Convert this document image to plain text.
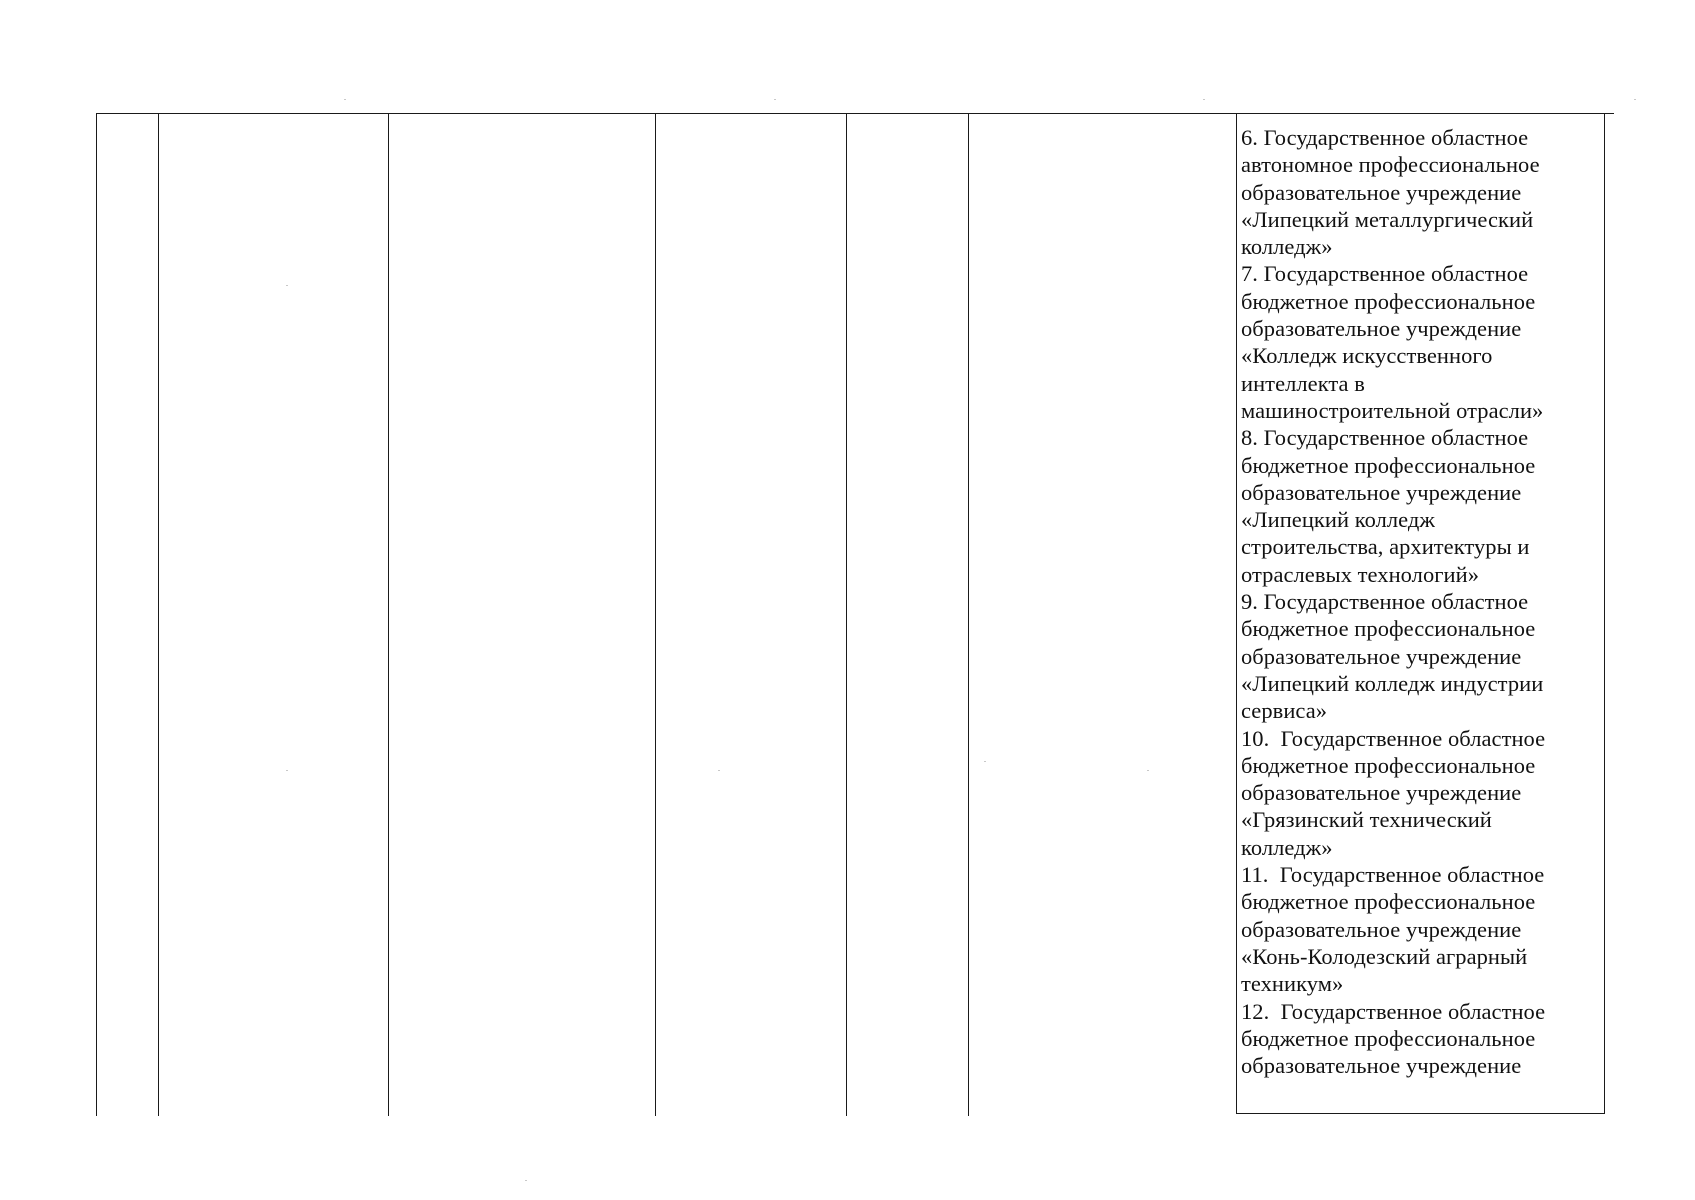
6. Государственное областное
автономное профессиональное
образовательное учреждение
«Липецкий металлургический
колледж»
7. Государственное областное
бюджетное профессиональное
образовательное учреждение
«Колледж искусственного
интеллекта в
машиностроительной отрасли»
8. Государственное областное
бюджетное профессиональное
образовательное учреждение
«Липецкий колледж
строительства, архитектуры и
отраслевых технологий»
9. Государственное областное
бюджетное профессиональное
образовательное учреждение
«Липецкий колледж индустрии
сервиса»
10.  Государственное областное
бюджетное профессиональное
образовательное учреждение
«Грязинский технический
колледж»
11.  Государственное областное
бюджетное профессиональное
образовательное учреждение
«Конь-Колодезский аграрный
техникум»
12.  Государственное областное
бюджетное профессиональное
образовательное учреждение
